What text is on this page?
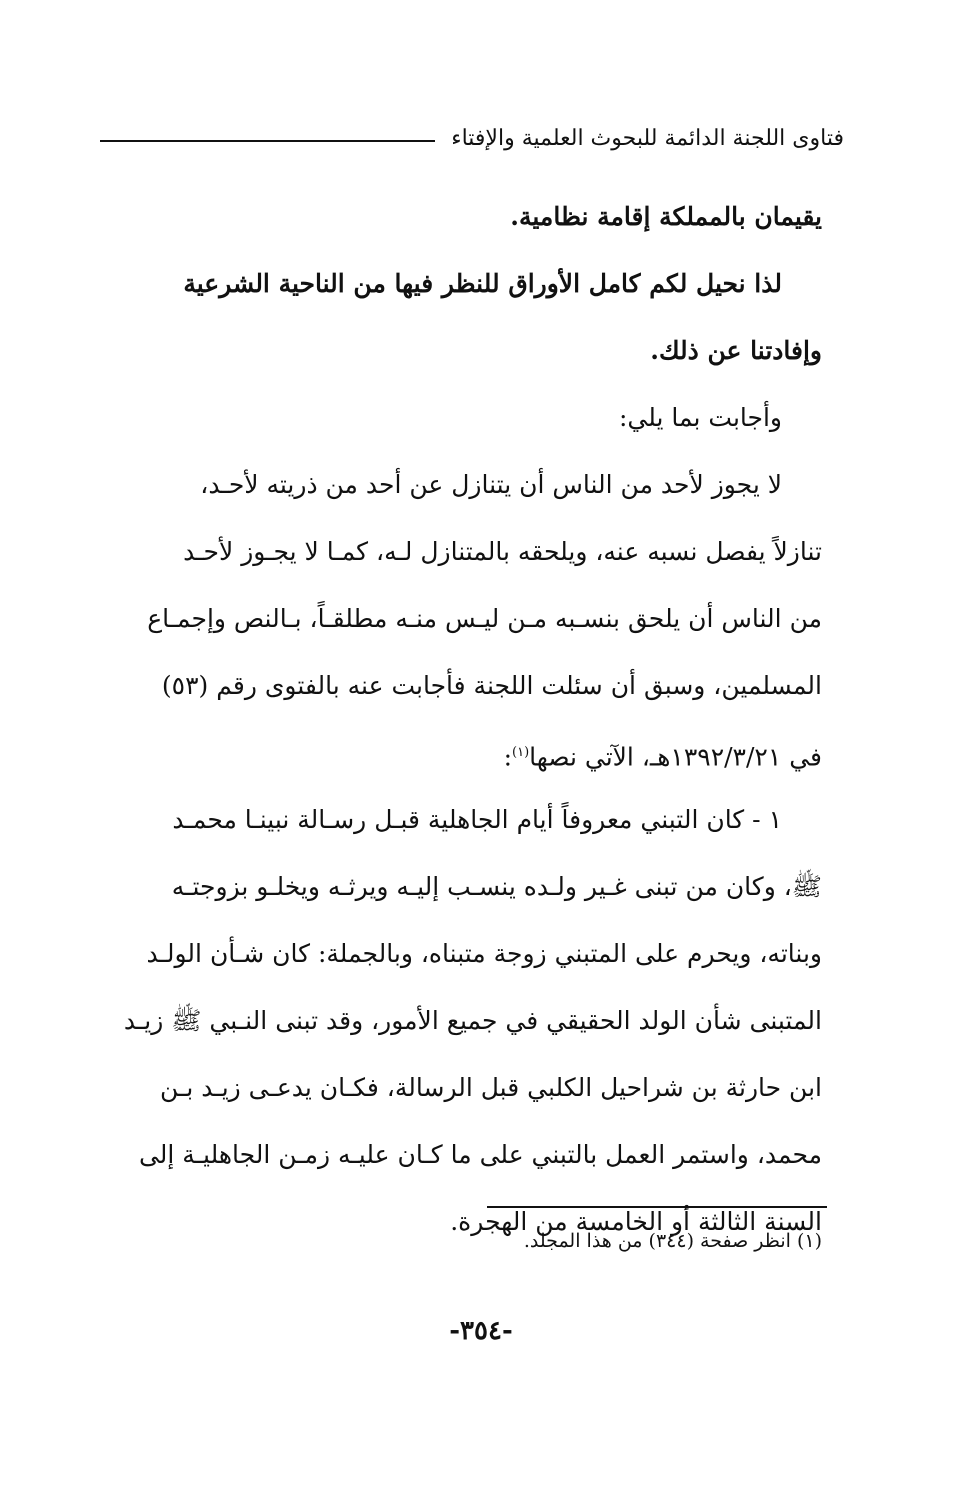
فتاوى اللجنة الدائمة للبحوث العلمية والإفتاء
يقيمان بالمملكة إقامة نظامية.
لذا نحيل لكم كامل الأوراق للنظر فيها من الناحية الشرعية
وإفادتنا عن ذلك.
وأجابت بما يلي:
لا يجوز لأحد من الناس أن يتنازل عن أحد من ذريته لأحـد،
تنازلاً يفصل نسبه عنه، ويلحقه بالمتنازل لـه، كمـا لا يجـوز لأحـد
من الناس أن يلحق بنسـبه مـن ليـس منـه مطلقـاً، بـالنص وإجمـاع
المسلمين، وسبق أن سئلت اللجنة فأجابت عنه بالفتوى رقم (٥٣)
في ١٣٩٢/٣/٢١هـ، الآتي نصها$^{(١)}$:
١ - كان التبني معروفاً أيام الجاهلية قبـل رسـالة نبينـا محمـد
ﷺ، وكان من تبنى غـير ولـده ينسـب إليـه ويرثـه ويخلـو بزوجتـه
وبناته، ويحرم على المتبني زوجة متبناه، وبالجملة: كان شـأن الولـد
المتبنى شأن الولد الحقيقي في جميع الأمور، وقد تبنى النـبي ﷺ زيـد
ابن حارثة بن شراحيل الكلبي قبل الرسالة، فكـان يدعـى زيـد بـن
محمد، واستمر العمل بالتبني على ما كـان عليـه زمـن الجاهليـة إلى
السنة الثالثة أو الخامسة من الهجرة.
(١) انظر صفحة (٣٤٤) من هذا المجلد.
-٣٥٤-
